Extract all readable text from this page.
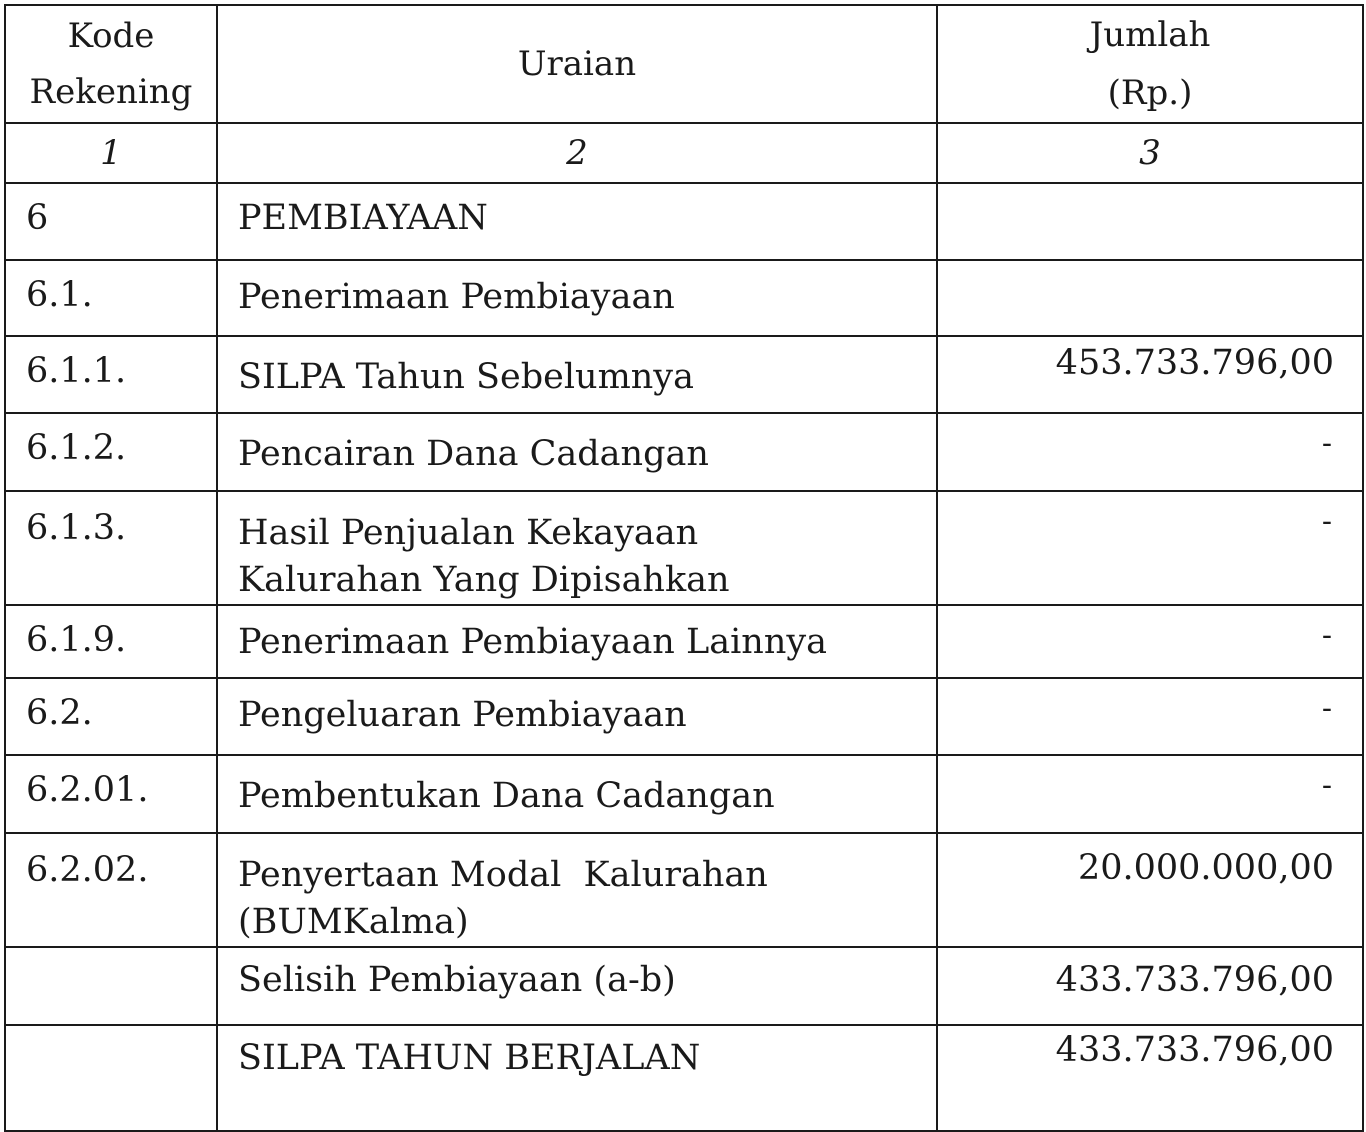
Kode
Rekening	Uraian	Jumlah
(Rp.)
1	2	3
6	PEMBIAYAAN	
6.1.	Penerimaan Pembiayaan	
6.1.1.	SILPA Tahun Sebelumnya	453.733.796,00
6.1.2.	Pencairan Dana Cadangan	-
6.1.3.	Hasil Penjualan Kekayaan
Kalurahan Yang Dipisahkan	-
6.1.9.	Penerimaan Pembiayaan Lainnya	-
6.2.	Pengeluaran Pembiayaan	-
6.2.01.	Pembentukan Dana Cadangan	-
6.2.02.	Penyertaan Modal  Kalurahan
(BUMKalma)	20.000.000,00
	Selisih Pembiayaan (a-b)	433.733.796,00
	SILPA TAHUN BERJALAN	433.733.796,00
